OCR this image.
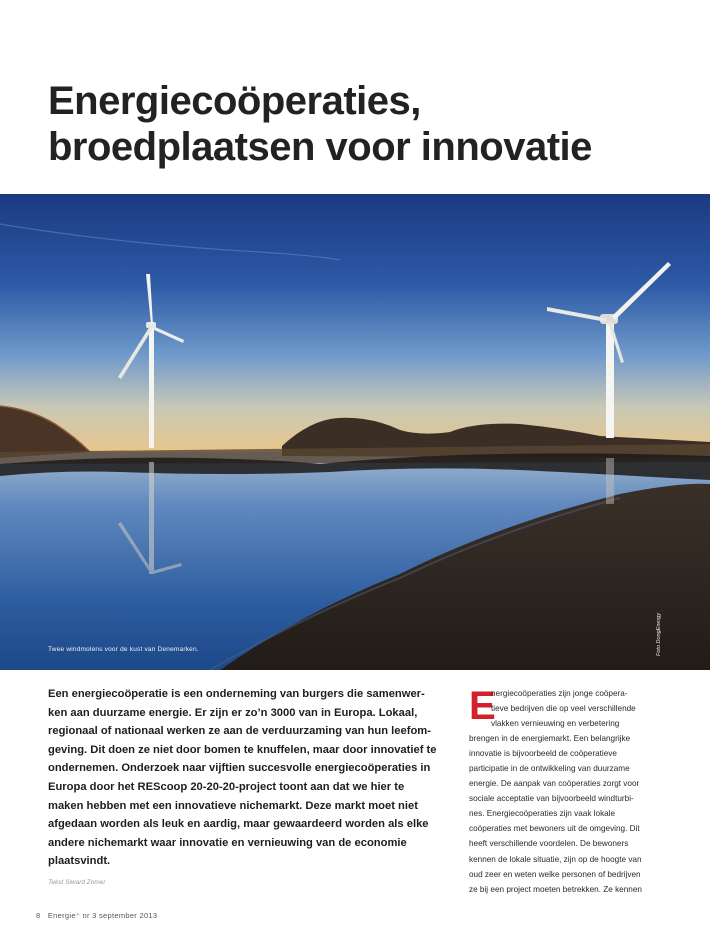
Energiecoöperaties,
broedplaatsen voor innovatie
Twee windmolens voor de kust van Denemarken.	Foto DongEnergy
Een energiecoöperatie is een onderneming van burgers die samenwer-
ken aan duurzame energie. Er zijn er zo’n 3000 van in Europa. Lokaal,
regionaal of nationaal werken ze aan de verduurzaming van hun leefom-
geving. Dit doen ze niet door bomen te knuffelen, maar door innovatief te
ondernemen. Onderzoek naar vijftien succesvolle energiecoöperaties in
Europa door het REScoop 20-20-20-project toont aan dat we hier te
maken hebben met een innovatieve nichemarkt. Deze markt moet niet
afgedaan worden als leuk en aardig, maar gewaardeerd worden als elke
andere nichemarkt waar innovatie en vernieuwing van de economie
plaatsvindt.
Tekst Siward Zomer
E
nergiecoöperaties zijn jonge coöpera-
tieve bedrijven die op veel verschillende
vlakken vernieuwing en verbetering
brengen in de energiemarkt. Een belangrijke
innovatie is bijvoorbeeld de coöperatieve
participatie in de ontwikkeling van duurzame
energie. De aanpak van coöperaties zorgt voor
sociale acceptatie van bijvoorbeeld windturbi-
nes. Energiecoöperaties zijn vaak lokale
coöperaties met bewoners uit de omgeving. Dit
heeft verschillende voordelen. De bewoners
kennen de lokale situatie, zijn op de hoogte van
oud zeer en weten welke personen of bedrijven
ze bij een project moeten betrekken. Ze kennen
8 Energie⁺ nr 3 september 2013
